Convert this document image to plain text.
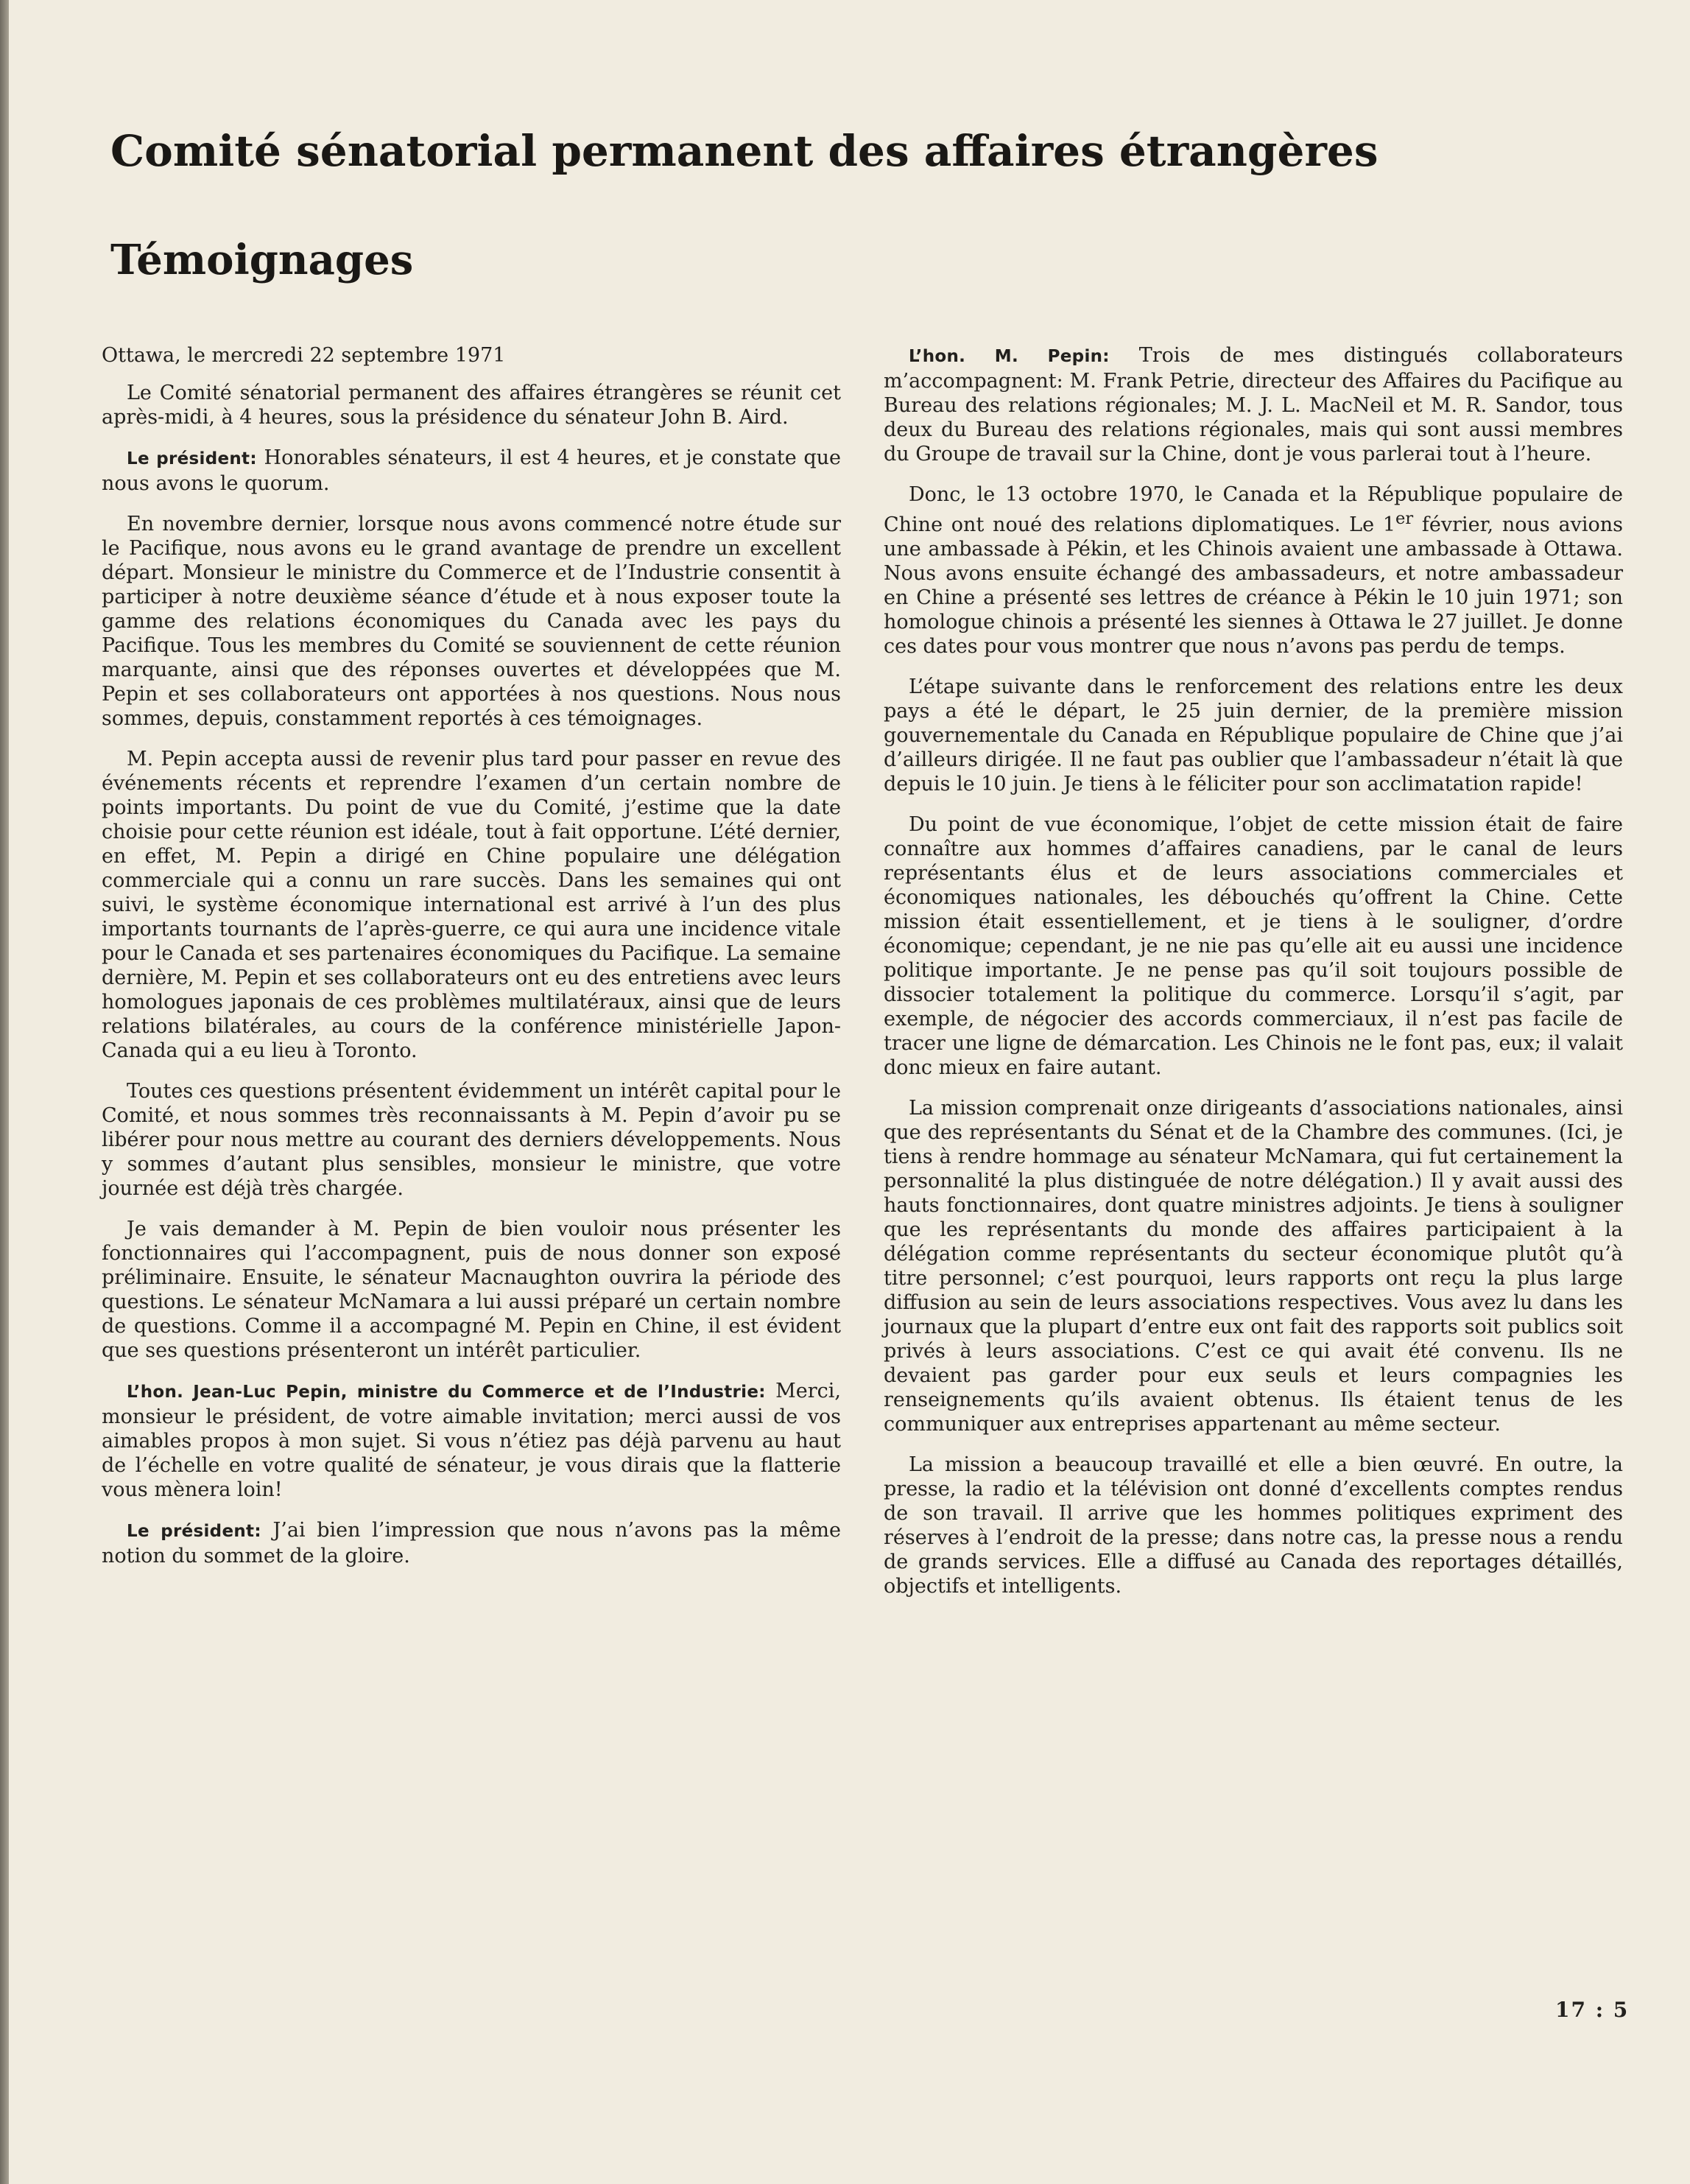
Comité sénatorial permanent des affaires étrangères
Témoignages

Ottawa, le mercredi 22 septembre 1971

Le Comité sénatorial permanent des affaires étrangères se réunit cet après-midi, à 4 heures, sous la présidence du sénateur John B. Aird.

Le président: Honorables sénateurs, il est 4 heures, et je constate que nous avons le quorum.

En novembre dernier, lorsque nous avons commencé notre étude sur le Pacifique, nous avons eu le grand avantage de prendre un excellent départ. Monsieur le ministre du Commerce et de l’Industrie consentit à participer à notre deuxième séance d’étude et à nous exposer toute la gamme des relations économiques du Canada avec les pays du Pacifique. Tous les membres du Comité se souviennent de cette réunion marquante, ainsi que des réponses ouvertes et développées que M. Pepin et ses collaborateurs ont apportées à nos questions. Nous nous sommes, depuis, constamment reportés à ces témoignages.

M. Pepin accepta aussi de revenir plus tard pour passer en revue des événements récents et reprendre l’examen d’un certain nombre de points importants. Du point de vue du Comité, j’estime que la date choisie pour cette réunion est idéale, tout à fait opportune. L’été dernier, en effet, M. Pepin a dirigé en Chine populaire une délégation commerciale qui a connu un rare succès. Dans les semaines qui ont suivi, le système économique international est arrivé à l’un des plus importants tournants de l’après-guerre, ce qui aura une incidence vitale pour le Canada et ses partenaires économiques du Pacifique. La semaine dernière, M. Pepin et ses collaborateurs ont eu des entretiens avec leurs homologues japonais de ces problèmes multilatéraux, ainsi que de leurs relations bilatérales, au cours de la conférence ministérielle Japon-Canada qui a eu lieu à Toronto.

Toutes ces questions présentent évidemment un intérêt capital pour le Comité, et nous sommes très reconnaissants à M. Pepin d’avoir pu se libérer pour nous mettre au courant des derniers développements. Nous y sommes d’autant plus sensibles, monsieur le ministre, que votre journée est déjà très chargée.

Je vais demander à M. Pepin de bien vouloir nous présenter les fonctionnaires qui l’accompagnent, puis de nous donner son exposé préliminaire. Ensuite, le sénateur Macnaughton ouvrira la période des questions. Le sénateur McNamara a lui aussi préparé un certain nombre de questions. Comme il a accompagné M. Pepin en Chine, il est évident que ses questions présenteront un intérêt particulier.

L’hon. Jean-Luc Pepin, ministre du Commerce et de l’Industrie: Merci, monsieur le président, de votre aimable invitation; merci aussi de vos aimables propos à mon sujet. Si vous n’étiez pas déjà parvenu au haut de l’échelle en votre qualité de sénateur, je vous dirais que la flatterie vous mènera loin!

Le président: J’ai bien l’impression que nous n’avons pas la même notion du sommet de la gloire.

L’hon. M. Pepin: Trois de mes distingués collaborateurs m’accompagnent: M. Frank Petrie, directeur des Affaires du Pacifique au Bureau des relations régionales; M. J. L. MacNeil et M. R. Sandor, tous deux du Bureau des relations régionales, mais qui sont aussi membres du Groupe de travail sur la Chine, dont je vous parlerai tout à l’heure.

Donc, le 13 octobre 1970, le Canada et la République populaire de Chine ont noué des relations diplomatiques. Le 1er février, nous avions une ambassade à Pékin, et les Chinois avaient une ambassade à Ottawa. Nous avons ensuite échangé des ambassadeurs, et notre ambassadeur en Chine a présenté ses lettres de créance à Pékin le 10 juin 1971; son homologue chinois a présenté les siennes à Ottawa le 27 juillet. Je donne ces dates pour vous montrer que nous n’avons pas perdu de temps.

L’étape suivante dans le renforcement des relations entre les deux pays a été le départ, le 25 juin dernier, de la première mission gouvernementale du Canada en République populaire de Chine que j’ai d’ailleurs dirigée. Il ne faut pas oublier que l’ambassadeur n’était là que depuis le 10 juin. Je tiens à le féliciter pour son acclimatation rapide!

Du point de vue économique, l’objet de cette mission était de faire connaître aux hommes d’affaires canadiens, par le canal de leurs représentants élus et de leurs associations commerciales et économiques nationales, les débouchés qu’offrent la Chine. Cette mission était essentiellement, et je tiens à le souligner, d’ordre économique; cependant, je ne nie pas qu’elle ait eu aussi une incidence politique importante. Je ne pense pas qu’il soit toujours possible de dissocier totalement la politique du commerce. Lorsqu’il s’agit, par exemple, de négocier des accords commerciaux, il n’est pas facile de tracer une ligne de démarcation. Les Chinois ne le font pas, eux; il valait donc mieux en faire autant.

La mission comprenait onze dirigeants d’associations nationales, ainsi que des représentants du Sénat et de la Chambre des communes. (Ici, je tiens à rendre hommage au sénateur McNamara, qui fut certainement la personnalité la plus distinguée de notre délégation.) Il y avait aussi des hauts fonctionnaires, dont quatre ministres adjoints. Je tiens à souligner que les représentants du monde des affaires participaient à la délégation comme représentants du secteur économique plutôt qu’à titre personnel; c’est pourquoi, leurs rapports ont reçu la plus large diffusion au sein de leurs associations respectives. Vous avez lu dans les journaux que la plupart d’entre eux ont fait des rapports soit publics soit privés à leurs associations. C’est ce qui avait été convenu. Ils ne devaient pas garder pour eux seuls et leurs compagnies les renseignements qu’ils avaient obtenus. Ils étaient tenus de les communiquer aux entreprises appartenant au même secteur.

La mission a beaucoup travaillé et elle a bien œuvré. En outre, la presse, la radio et la télévision ont donné d’excellents comptes rendus de son travail. Il arrive que les hommes politiques expriment des réserves à l’endroit de la presse; dans notre cas, la presse nous a rendu de grands services. Elle a diffusé au Canada des reportages détaillés, objectifs et intelligents.

17 : 5
